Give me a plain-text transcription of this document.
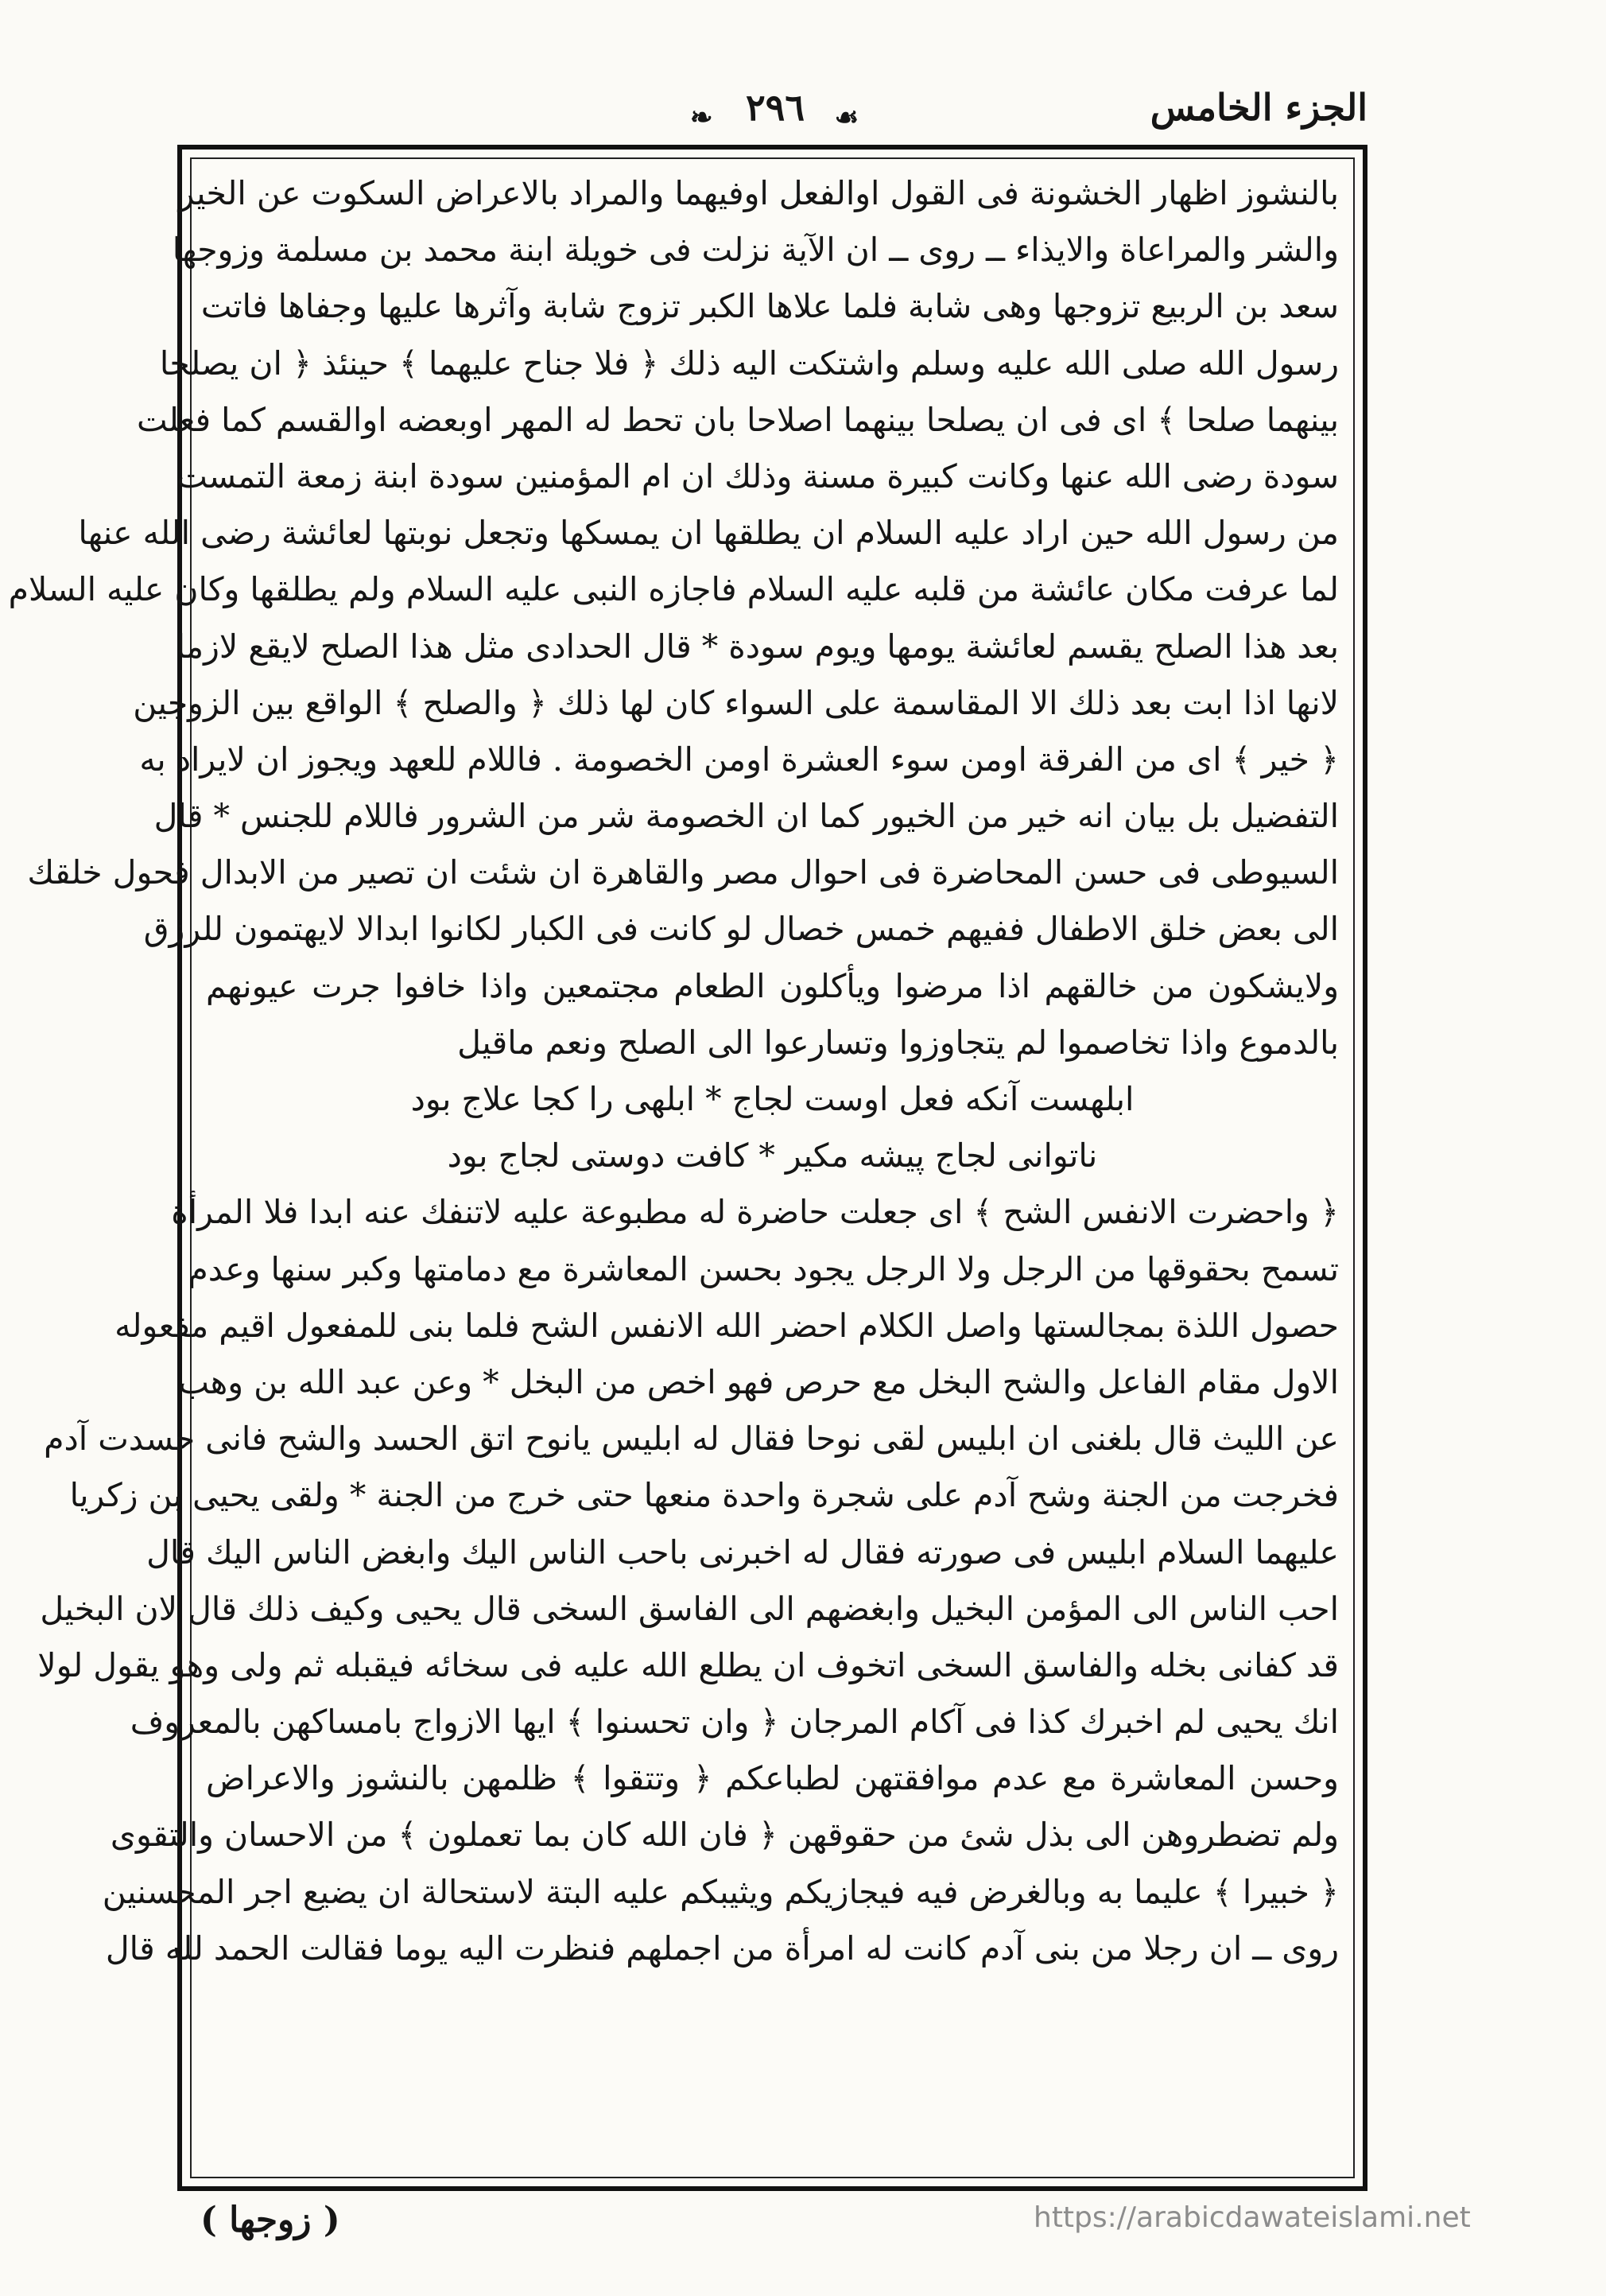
الجزء الخامس
☙
٢٩٦
❧
بالنشوز اظهار الخشونة فى القول اوالفعل اوفيهما والمراد بالاعراض السكوت عن الخير
والشر والمراعاة والايذاء ــ روى ــ ان الآية نزلت فى خويلة ابنة محمد بن مسلمة وزوجها
سعد بن الربيع تزوجها وهى شابة فلما علاها الكبر تزوج شابة وآثرها عليها وجفاها فاتت
رسول الله صلى الله عليه وسلم واشتكت اليه ذلك ﴿ فلا جناح عليهما ﴾ حينئذ ﴿ ان يصلحا
بينهما صلحا ﴾ اى فى ان يصلحا بينهما اصلاحا بان تحط له المهر اوبعضه اوالقسم كما فعلت
سودة رضى الله عنها وكانت كبيرة مسنة وذلك ان ام المؤمنين سودة ابنة زمعة التمست
من رسول الله حين اراد عليه السلام ان يطلقها ان يمسكها وتجعل نوبتها لعائشة رضى الله عنها
لما عرفت مكان عائشة من قلبه عليه السلام فاجازه النبى عليه السلام ولم يطلقها وكان عليه السلام
بعد هذا الصلح يقسم لعائشة يومها ويوم سودة * قال الحدادى مثل هذا الصلح لايقع لازما
لانها اذا ابت بعد ذلك الا المقاسمة على السواء كان لها ذلك ﴿ والصلح ﴾ الواقع بين الزوجين
﴿ خير ﴾ اى من الفرقة اومن سوء العشرة اومن الخصومة . فاللام للعهد ويجوز ان لايراد به
التفضيل بل بيان انه خير من الخيور كما ان الخصومة شر من الشرور فاللام للجنس * قال
السيوطى فى حسن المحاضرة فى احوال مصر والقاهرة ان شئت ان تصير من الابدال فحول خلقك
الى بعض خلق الاطفال ففيهم خمس خصال لو كانت فى الكبار لكانوا ابدالا لايهتمون للرزق
ولايشكون من خالقهم اذا مرضوا ويأكلون الطعام مجتمعين واذا خافوا جرت عيونهم
بالدموع واذا تخاصموا لم يتجاوزوا وتسارعوا الى الصلح ونعم ماقيل
ابلهست آنكه فعل اوست لجاج * ابلهى را كجا علاج بود
ناتوانى لجاج پيشه مكير * كافت دوستى لجاج بود
﴿ واحضرت الانفس الشح ﴾ اى جعلت حاضرة له مطبوعة عليه لاتنفك عنه ابدا فلا المرأة
تسمح بحقوقها من الرجل ولا الرجل يجود بحسن المعاشرة مع دمامتها وكبر سنها وعدم
حصول اللذة بمجالستها واصل الكلام احضر الله الانفس الشح فلما بنى للمفعول اقيم مفعوله
الاول مقام الفاعل والشح البخل مع حرص فهو اخص من البخل * وعن عبد الله بن وهب
عن الليث قال بلغنى ان ابليس لقى نوحا فقال له ابليس يانوح اتق الحسد والشح فانى حسدت آدم
فخرجت من الجنة وشح آدم على شجرة واحدة منعها حتى خرج من الجنة * ولقى يحيى بن زكريا
عليهما السلام ابليس فى صورته فقال له اخبرنى باحب الناس اليك وابغض الناس اليك قال
احب الناس الى المؤمن البخيل وابغضهم الى الفاسق السخى قال يحيى وكيف ذلك قال لان البخيل
قد كفانى بخله والفاسق السخى اتخوف ان يطلع الله عليه فى سخائه فيقبله ثم ولى وهو يقول لولا
انك يحيى لم اخبرك كذا فى آكام المرجان ﴿ وان تحسنوا ﴾ ايها الازواج بامساكهن بالمعروف
وحسن المعاشرة مع عدم موافقتهن لطباعكم ﴿ وتتقوا ﴾ ظلمهن بالنشوز والاعراض
ولم تضطروهن الى بذل شئ من حقوقهن ﴿ فان الله كان بما تعملون ﴾ من الاحسان والتقوى
﴿ خبيرا ﴾ عليما به وبالغرض فيه فيجازيكم ويثيبكم عليه البتة لاستحالة ان يضيع اجر المحسنين
روى ــ ان رجلا من بنى آدم كانت له امرأة من اجملهم فنظرت اليه يوما فقالت الحمد لله قال
( زوجها )	https://arabicdawateislami.net
